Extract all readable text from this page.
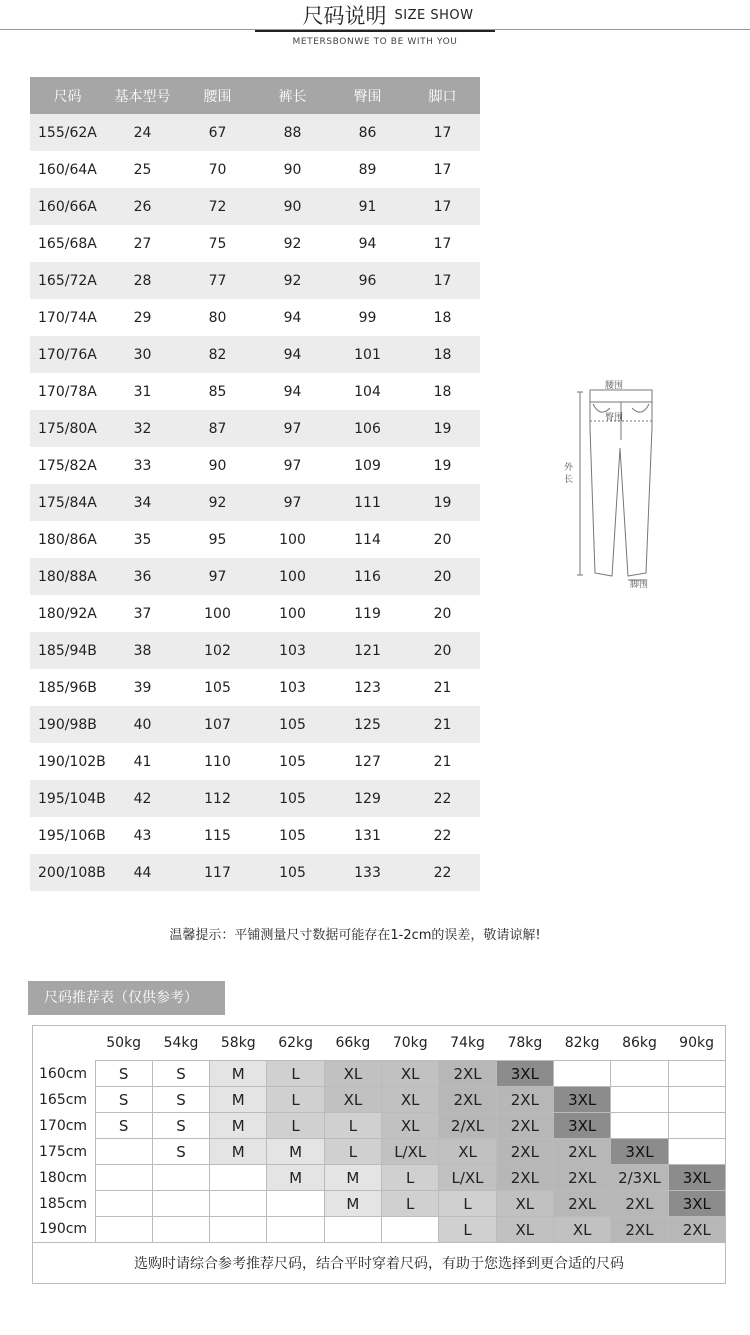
尺码说明 SIZE SHOW
METERSBONWE TO BE WITH YOU
尺码	基本型号	腰围	裤长	臀围	脚口
155/62A	24	67	88	86	17
160/64A	25	70	90	89	17
160/66A	26	72	90	91	17
165/68A	27	75	92	94	17
165/72A	28	77	92	96	17
170/74A	29	80	94	99	18
170/76A	30	82	94	101	18
170/78A	31	85	94	104	18
175/80A	32	87	97	106	19
175/82A	33	90	97	109	19
175/84A	34	92	97	111	19
180/86A	35	95	100	114	20
180/88A	36	97	100	116	20
180/92A	37	100	100	119	20
185/94B	38	102	103	121	20
185/96B	39	105	103	123	21
190/98B	40	107	105	125	21
190/102B	41	110	105	127	21
195/104B	42	112	105	129	22
195/106B	43	115	105	131	22
200/108B	44	117	105	133	22
腰围
臀围
外
长
脚围
温馨提示：平铺测量尺寸数据可能存在1-2cm的误差，敬请谅解!
尺码推荐表（仅供参考）
	50kg	54kg	58kg	62kg	66kg	70kg	74kg	78kg	82kg	86kg	90kg
160cm	S	S	M	L	XL	XL	2XL	3XL			
165cm	S	S	M	L	XL	XL	2XL	2XL	3XL		
170cm	S	S	M	L	L	XL	2/XL	2XL	3XL		
175cm		S	M	M	L	L/XL	XL	2XL	2XL	3XL	
180cm				M	M	L	L/XL	2XL	2XL	2/3XL	3XL
185cm					M	L	L	XL	2XL	2XL	3XL
190cm							L	XL	XL	2XL	2XL
选购时请综合参考推荐尺码，结合平时穿着尺码，有助于您选择到更合适的尺码											
